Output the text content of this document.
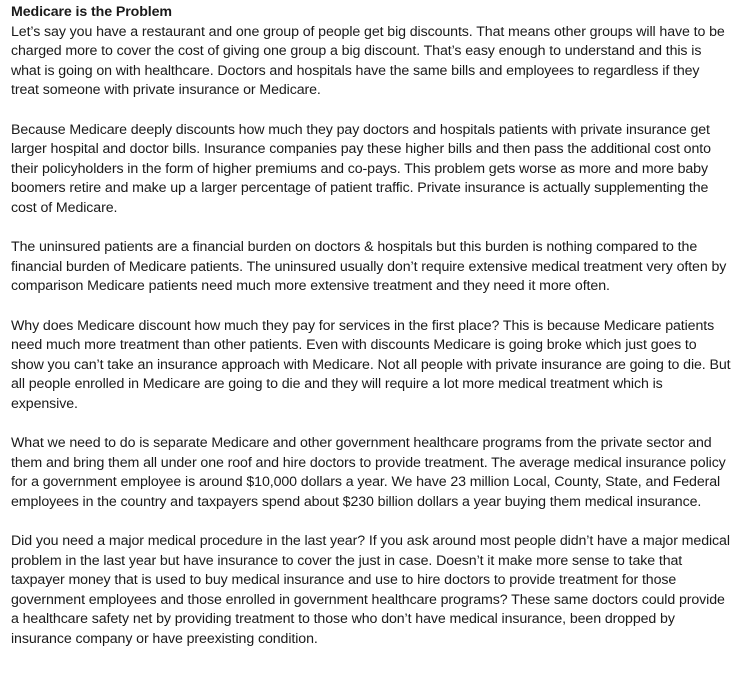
Medicare is the Problem

Let’s say you have a restaurant and one group of people get big discounts. That means other groups will have to be charged more to cover the cost of giving one group a big discount. That’s easy enough to understand and this is what is going on with healthcare. Doctors and hospitals have the same bills and employees to regardless if they treat someone with private insurance or Medicare.

Because Medicare deeply discounts how much they pay doctors and hospitals patients with private insurance get larger hospital and doctor bills. Insurance companies pay these higher bills and then pass the additional cost onto their policyholders in the form of higher premiums and co-pays. This problem gets worse as more and more baby boomers retire and make up a larger percentage of patient traffic. Private insurance is actually supplementing the cost of Medicare.

The uninsured patients are a financial burden on doctors & hospitals but this burden is nothing compared to the financial burden of Medicare patients. The uninsured usually don’t require extensive medical treatment very often by comparison Medicare patients need much more extensive treatment and they need it more often.

Why does Medicare discount how much they pay for services in the first place? This is because Medicare patients need much more treatment than other patients. Even with discounts Medicare is going broke which just goes to show you can’t take an insurance approach with Medicare. Not all people with private insurance are going to die. But all people enrolled in Medicare are going to die and they will require a lot more medical treatment which is expensive.

What we need to do is separate Medicare and other government healthcare programs from the private sector and them and bring them all under one roof and hire doctors to provide treatment. The average medical insurance policy for a government employee is around $10,000 dollars a year. We have 23 million Local, County, State, and Federal employees in the country and taxpayers spend about $230 billion dollars a year buying them medical insurance.

Did you need a major medical procedure in the last year? If you ask around most people didn’t have a major medical problem in the last year but have insurance to cover the just in case. Doesn’t it make more sense to take that taxpayer money that is used to buy medical insurance and use to hire doctors to provide treatment for those government employees and those enrolled in government healthcare programs? These same doctors could provide a healthcare safety net by providing treatment to those who don’t have medical insurance, been dropped by insurance company or have preexisting condition.
